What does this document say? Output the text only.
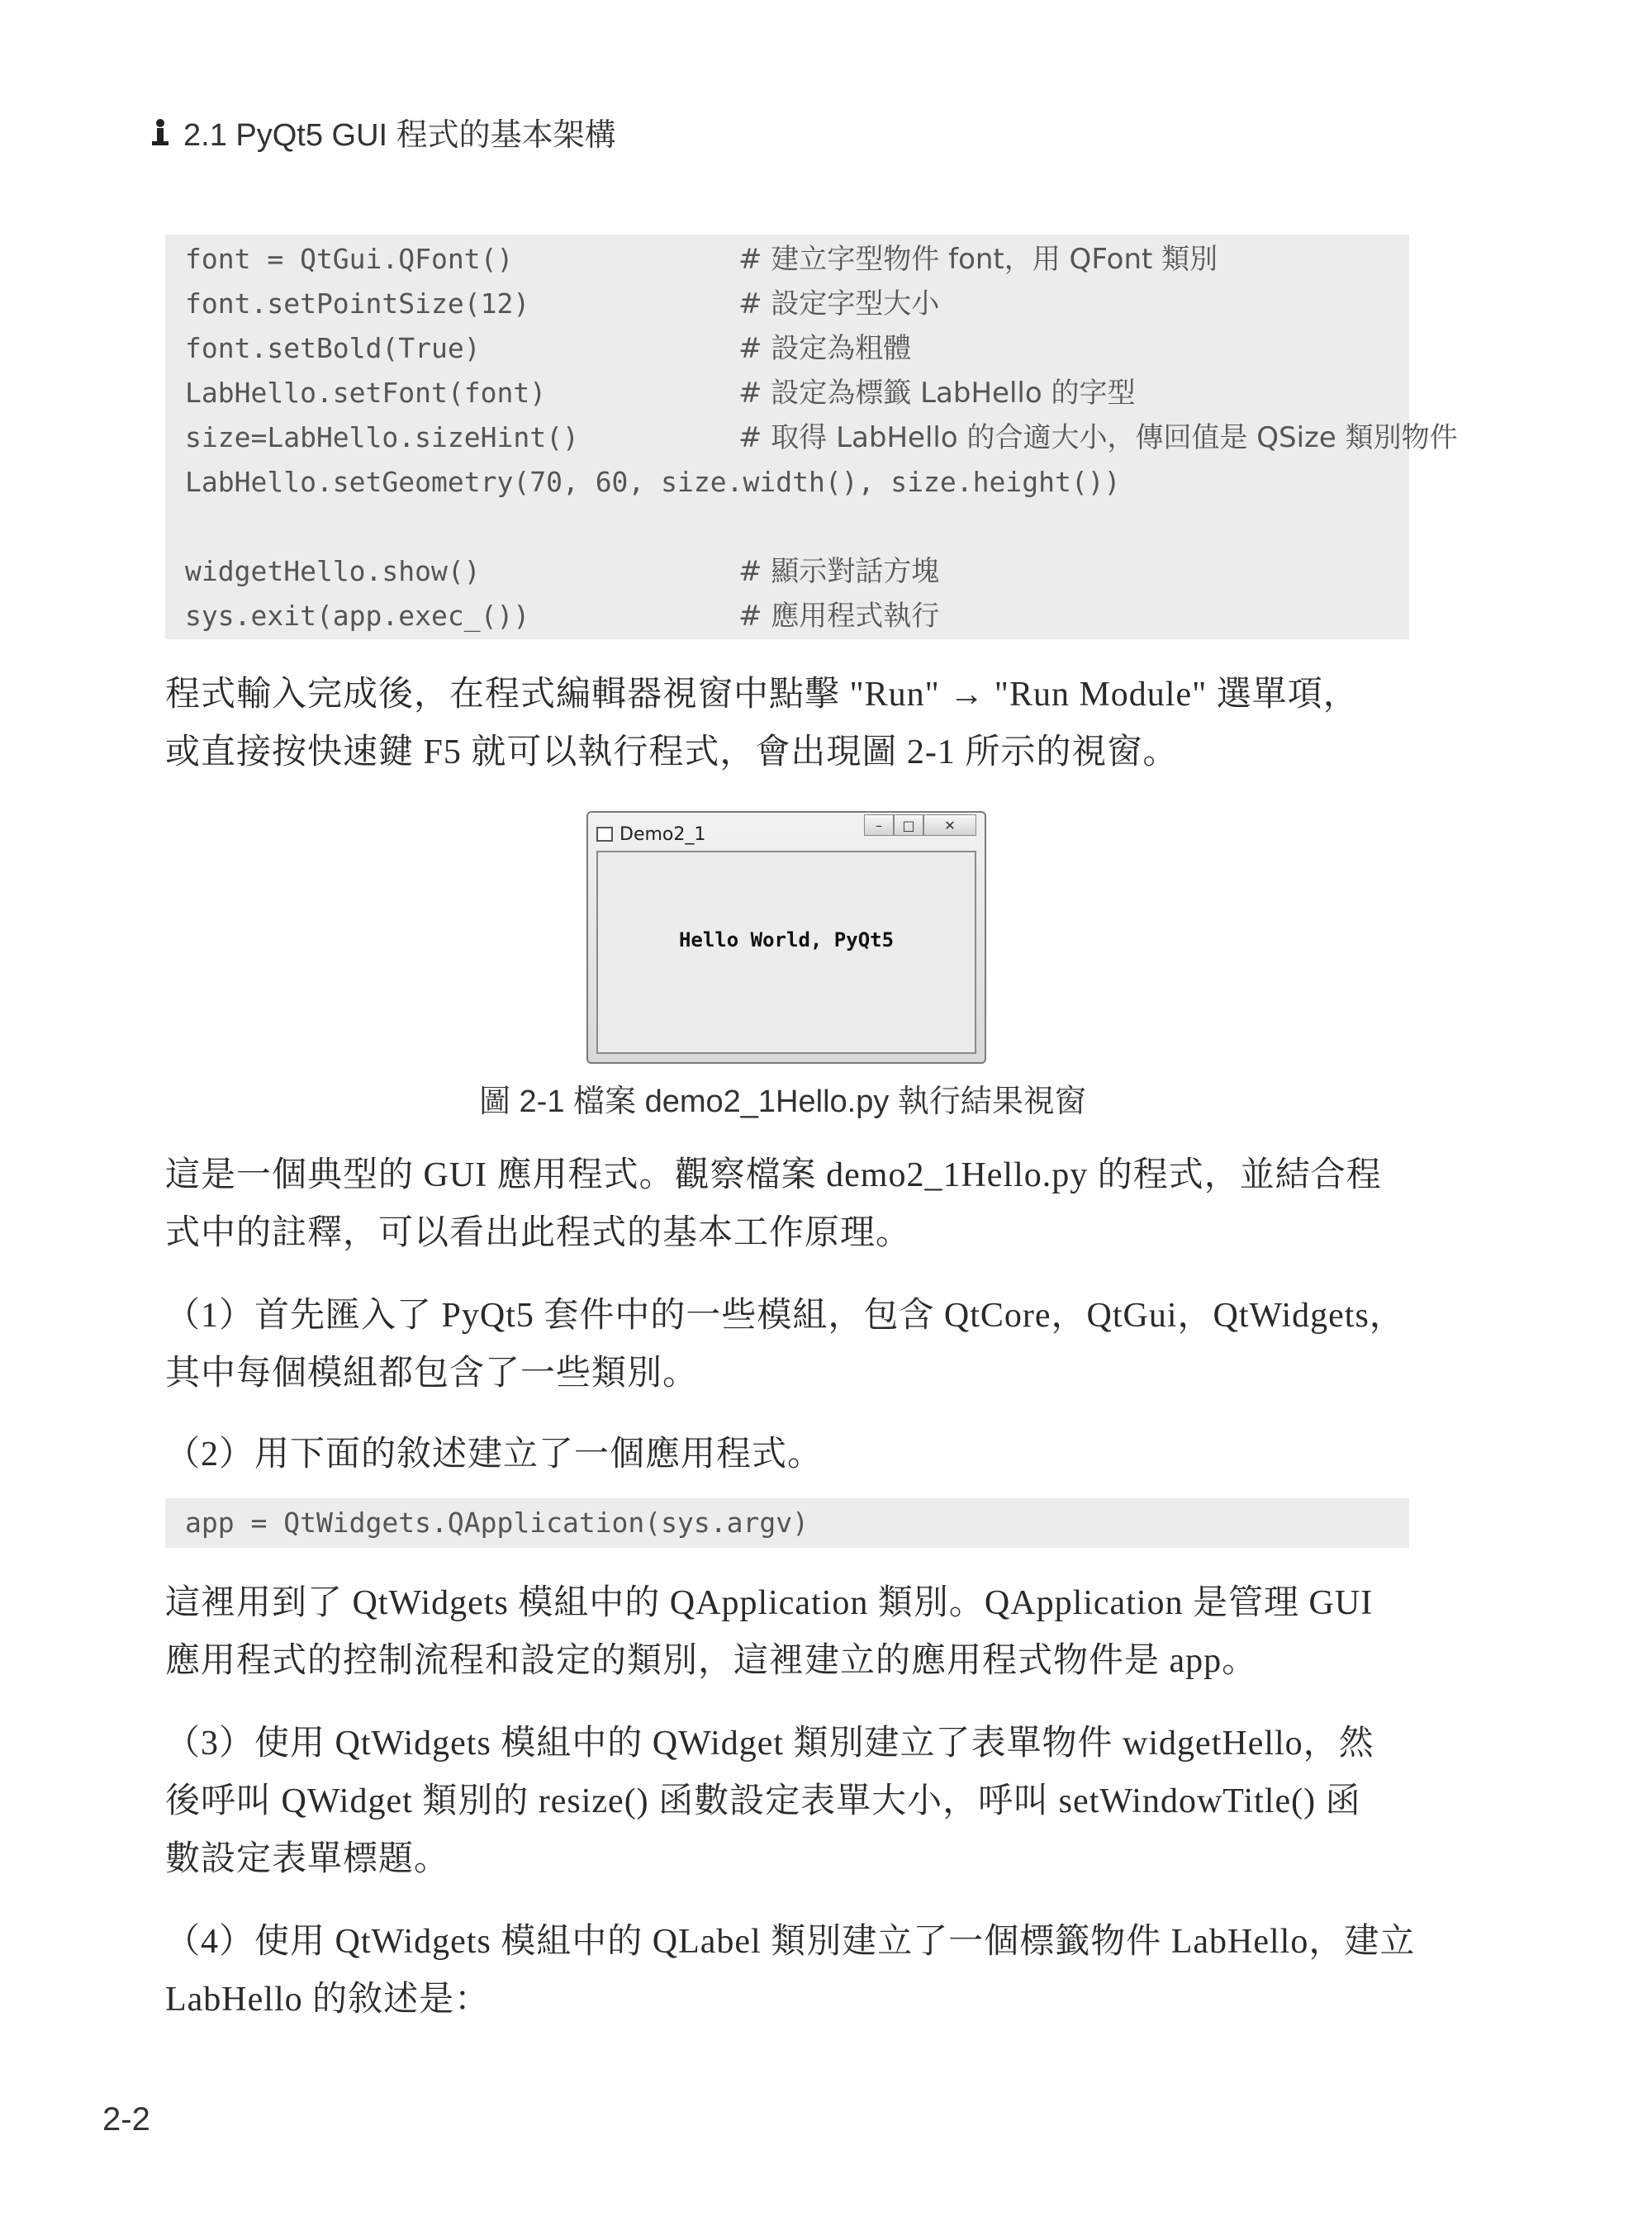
2.1 PyQt5 GUI 程式的基本架構

font = QtGui.QFont()

	# 建立字型物件 font，用 QFont 類別

font.setPointSize(12)

	# 設定字型大小

font.setBold(True)

	# 設定為粗體

LabHello.setFont(font)

	# 設定為標籤 LabHello 的字型

size=LabHello.sizeHint()

	# 取得 LabHello 的合適大小，傳回值是 QSize 類別物件

LabHello.setGeometry(70, 60, size.width(), size.height())

widgetHello.show()

	# 顯示對話方塊

sys.exit(app.exec_())

	# 應用程式執行

程式輸入完成後，在程式編輯器視窗中點擊 "Run" → "Run Module" 選單項，
或直接按快速鍵 F5 就可以執行程式，會出現圖 2-1 所示的視窗。
Demo2_1	–	□	✕
Hello World, PyQt5
圖 2-1 檔案 demo2_1Hello.py 執行結果視窗
這是一個典型的 GUI 應用程式。觀察檔案 demo2_1Hello.py 的程式，並結合程
式中的註釋，可以看出此程式的基本工作原理。
（1）首先匯入了 PyQt5 套件中的一些模組，包含 QtCore，QtGui，QtWidgets，
其中每個模組都包含了一些類別。
（2）用下面的敘述建立了一個應用程式。

app = QtWidgets.QApplication(sys.argv)

這裡用到了 QtWidgets 模組中的 QApplication 類別。QApplication 是管理 GUI
應用程式的控制流程和設定的類別，這裡建立的應用程式物件是 app。
（3）使用 QtWidgets 模組中的 QWidget 類別建立了表單物件 widgetHello，然
後呼叫 QWidget 類別的 resize() 函數設定表單大小，呼叫 setWindowTitle() 函
數設定表單標題。
（4）使用 QtWidgets 模組中的 QLabel 類別建立了一個標籤物件 LabHello，建立
LabHello 的敘述是：
2-2
